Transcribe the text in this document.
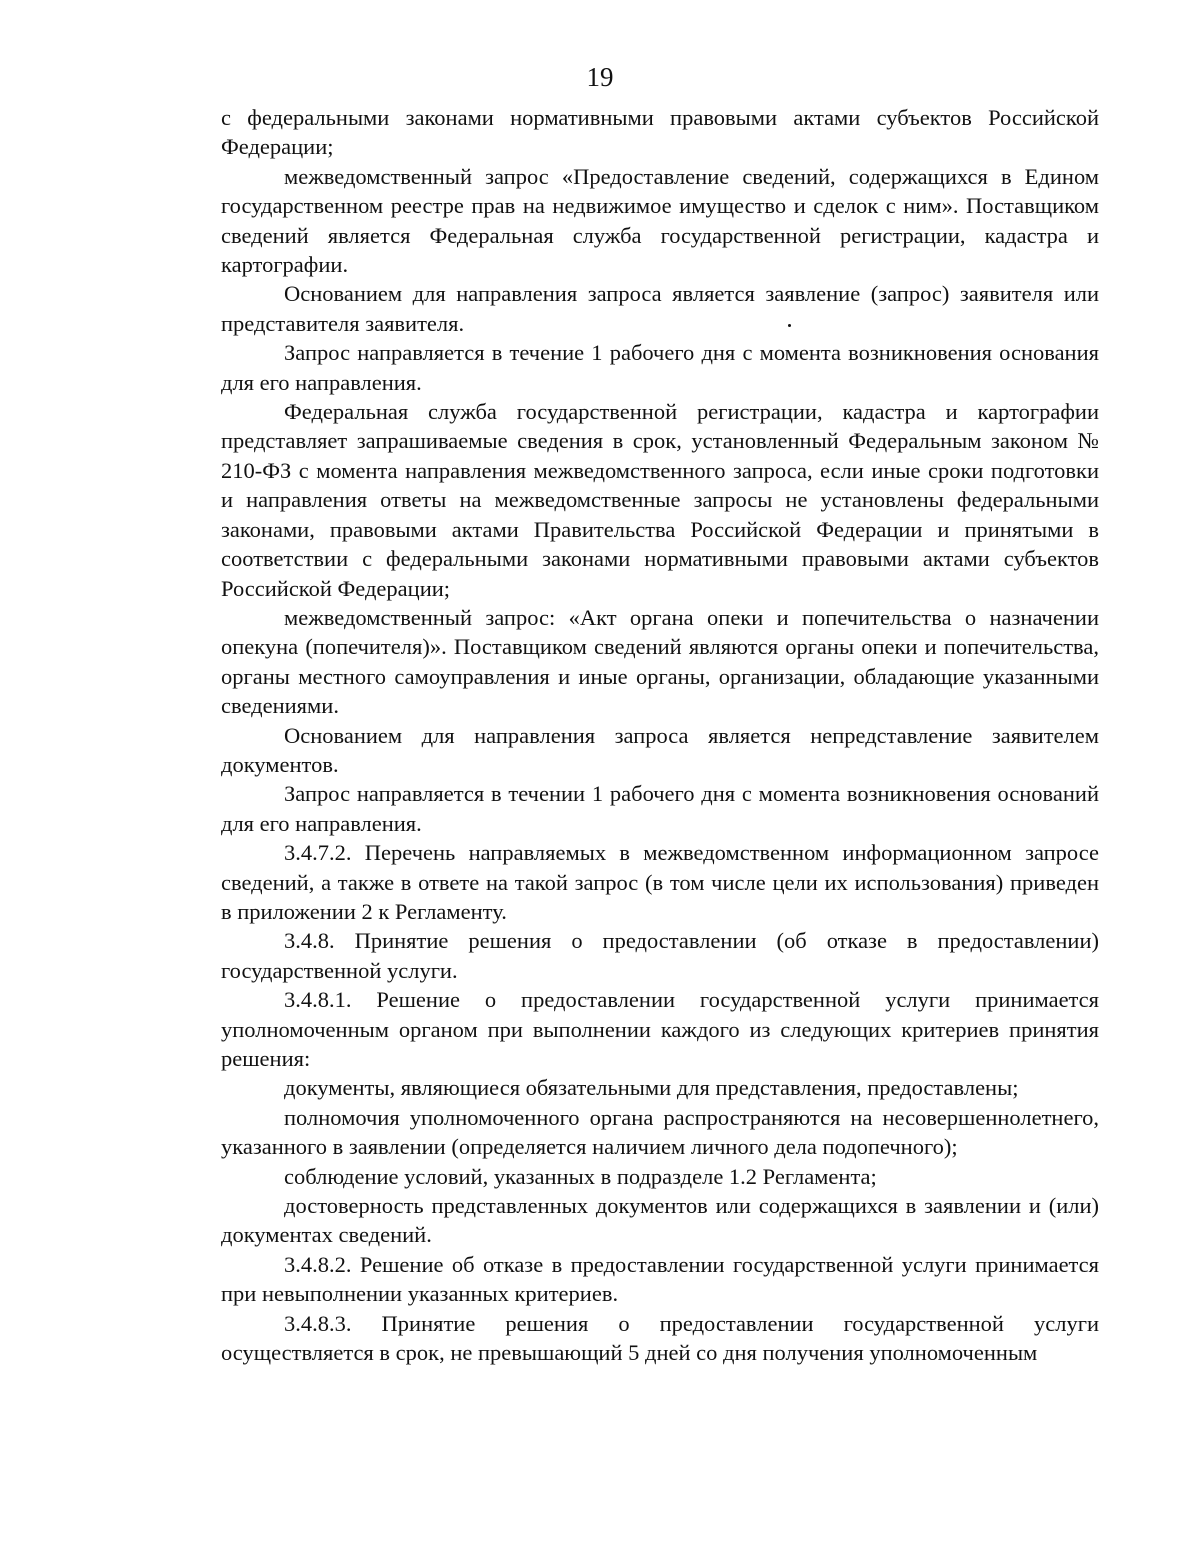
19

с федеральными законами нормативными правовыми актами субъектов Российской Федерации;

межведомственный запрос «Предоставление сведений, содержащихся в Едином государственном реестре прав на недвижимое имущество и сделок с ним». Поставщиком сведений является Федеральная служба государственной регистрации, кадастра и картографии.

Основанием для направления запроса является заявление (запрос) заявителя или представителя заявителя.

Запрос направляется в течение 1 рабочего дня с момента возникновения основания для его направления.

Федеральная служба государственной регистрации, кадастра и картографии представляет запрашиваемые сведения в срок, установленный Федеральным законом № 210-ФЗ с момента направления межведомственного запроса, если иные сроки подготовки и направления ответы на межведомственные запросы не установлены федеральными законами, правовыми актами Правительства Российской Федерации и принятыми в соответствии с федеральными законами нормативными правовыми актами субъектов Российской Федерации;

межведомственный запрос: «Акт органа опеки и попечительства о назначении опекуна (попечителя)». Поставщиком сведений являются органы опеки и попечительства, органы местного самоуправления и иные органы, организации, обладающие указанными сведениями.

Основанием для направления запроса является непредставление заявителем документов.

Запрос направляется в течении 1 рабочего дня с момента возникновения оснований для его направления.

3.4.7.2. Перечень направляемых в межведомственном информационном запросе сведений, а также в ответе на такой запрос (в том числе цели их использования) приведен в приложении 2 к Регламенту.

3.4.8. Принятие решения о предоставлении (об отказе в предоставлении) государственной услуги.

3.4.8.1. Решение о предоставлении государственной услуги принимается уполномоченным органом при выполнении каждого из следующих критериев принятия решения:

документы, являющиеся обязательными для представления, предоставлены;

полномочия уполномоченного органа распространяются на несовершеннолетнего, указанного в заявлении (определяется наличием личного дела подопечного);

соблюдение условий, указанных в подразделе 1.2 Регламента;

достоверность представленных документов или содержащихся в заявлении и (или) документах сведений.

3.4.8.2. Решение об отказе в предоставлении государственной услуги принимается при невыполнении указанных критериев.

3.4.8.3. Принятие решения о предоставлении государственной услуги осуществляется в срок, не превышающий 5 дней со дня получения уполномоченным
